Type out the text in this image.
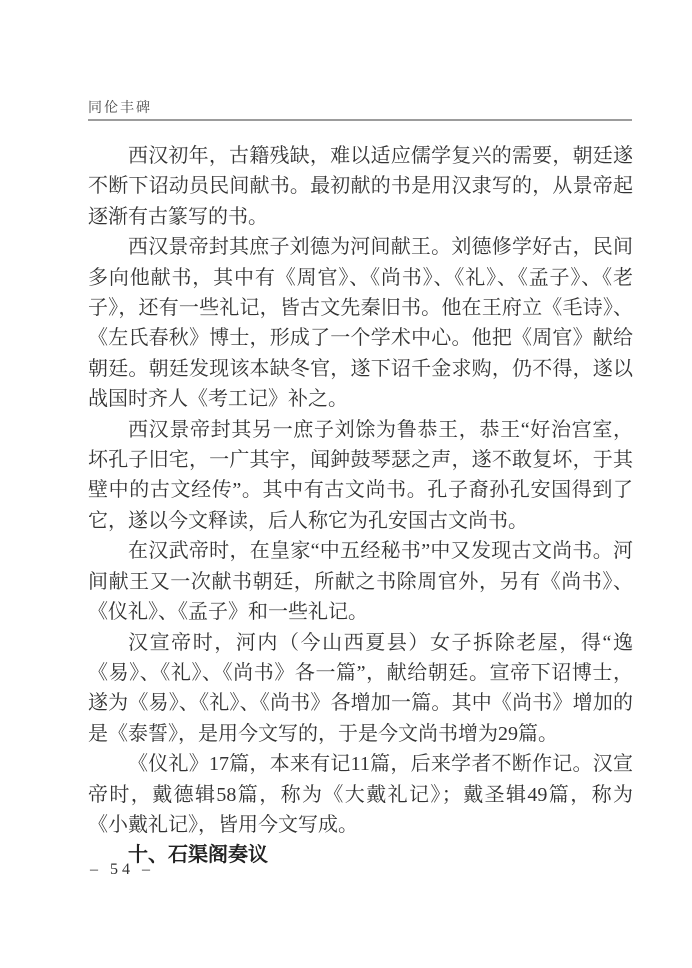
同伦丰碑

西汉初年，古籍残缺，难以适应儒学复兴的需要，朝廷遂不断下诏动员民间献书。最初献的书是用汉隶写的，从景帝起逐渐有古篆写的书。

西汉景帝封其庶子刘德为河间献王。刘德修学好古，民间多向他献书，其中有《周官》、《尚书》、《礼》、《孟子》、《老子》，还有一些礼记，皆古文先秦旧书。他在王府立《毛诗》、《左氏春秋》博士，形成了一个学术中心。他把《周官》献给朝廷。朝廷发现该本缺冬官，遂下诏千金求购，仍不得，遂以战国时齐人《考工记》补之。

西汉景帝封其另一庶子刘馀为鲁恭王，恭王“好治宫室，坏孔子旧宅，一广其宇，闻鈡鼓琴瑟之声，遂不敢复坏，于其壁中的古文经传”。其中有古文尚书。孔子裔孙孔安国得到了它，遂以今文释读，后人称它为孔安国古文尚书。

在汉武帝时，在皇家“中五经秘书”中又发现古文尚书。河间献王又一次献书朝廷，所献之书除周官外，另有《尚书》、《仪礼》、《孟子》和一些礼记。

汉宣帝时，河内（今山西夏县）女子拆除老屋，得“逸《易》、《礼》、《尚书》各一篇”，献给朝廷。宣帝下诏博士，遂为《易》、《礼》、《尚书》各增加一篇。其中《尚书》增加的是《泰誓》，是用今文写的，于是今文尚书增为29篇。

《仪礼》17篇，本来有记11篇，后来学者不断作记。汉宣帝时，戴德辑58篇，称为《大戴礼记》；戴圣辑49篇，称为《小戴礼记》，皆用今文写成。

十、石渠阁奏议

– 54 –
